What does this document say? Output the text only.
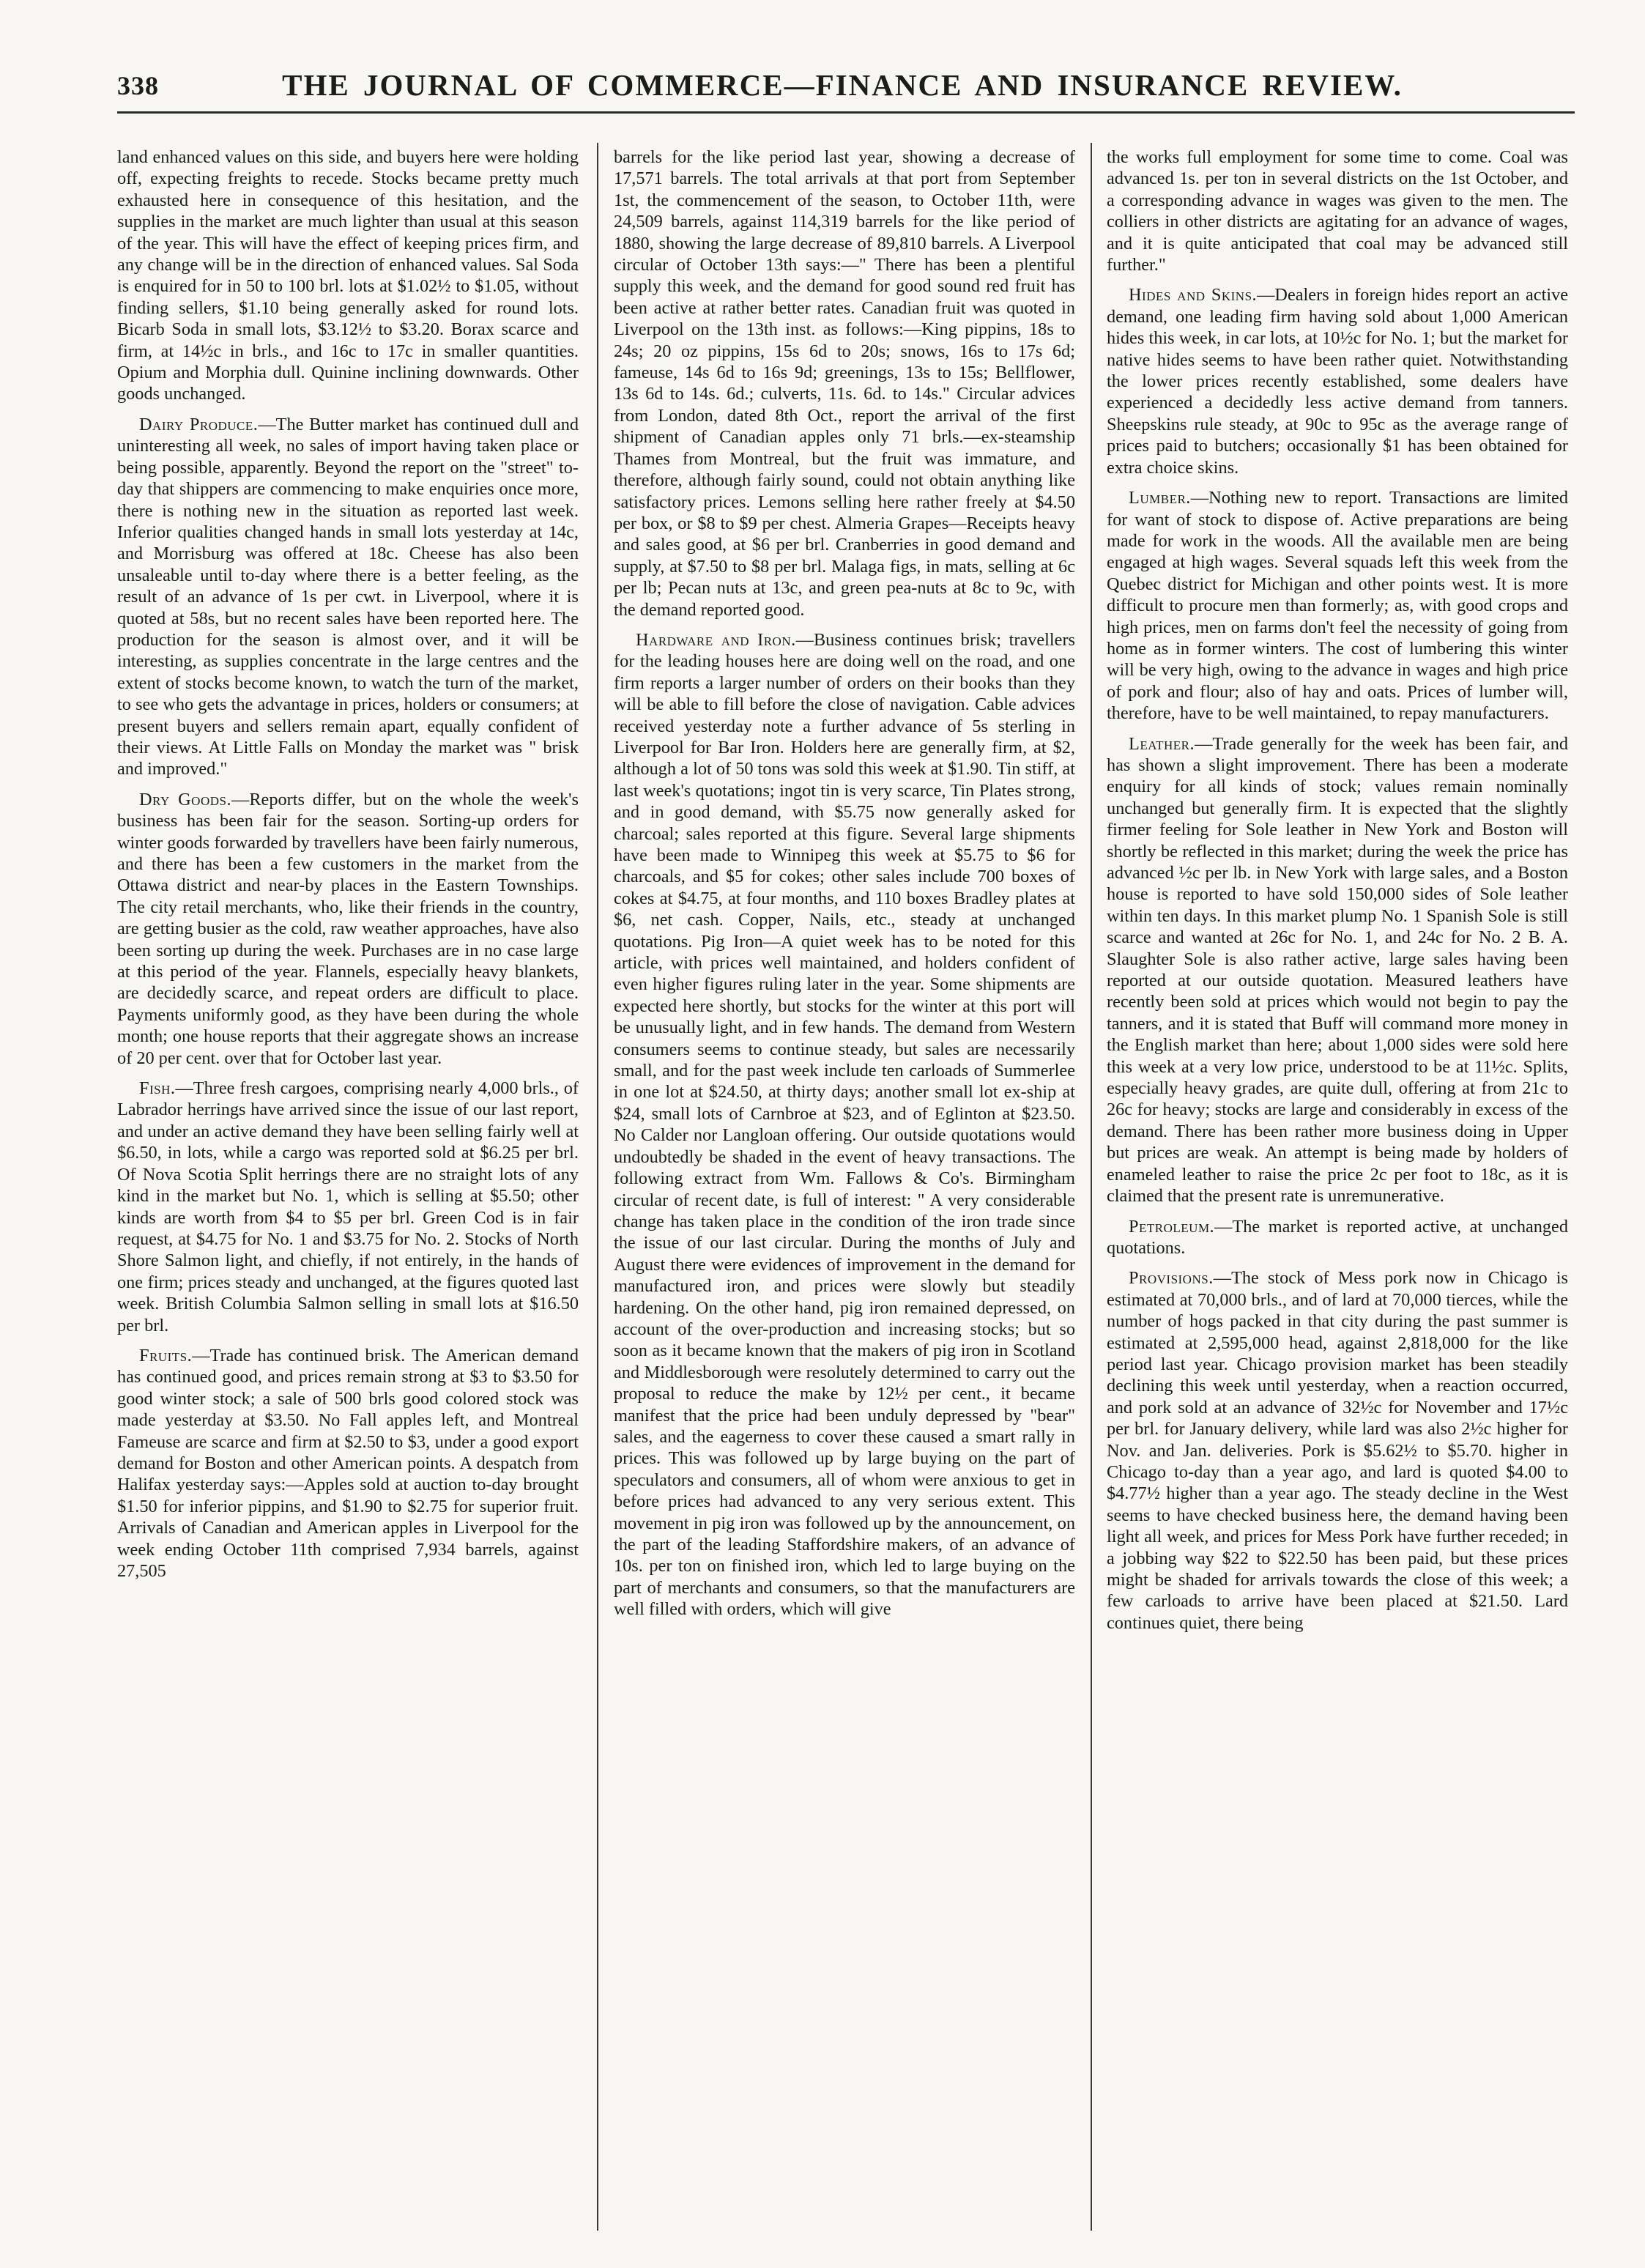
338	THE JOURNAL OF COMMERCE—FINANCE AND INSURANCE REVIEW.

land enhanced values on this side, and buyers here were holding off, expecting freights to recede. Stocks became pretty much exhausted here in consequence of this hesitation, and the supplies in the market are much lighter than usual at this season of the year. This will have the effect of keeping prices firm, and any change will be in the direction of enhanced values. Sal Soda is enquired for in 50 to 100 brl. lots at $1.02½ to $1.05, without finding sellers, $1.10 being generally asked for round lots. Bicarb Soda in small lots, $3.12½ to $3.20. Borax scarce and firm, at 14½c in brls., and 16c to 17c in smaller quantities. Opium and Morphia dull. Quinine inclining downwards. Other goods unchanged.

Dairy Produce.—The Butter market has continued dull and uninteresting all week, no sales of import having taken place or being possible, apparently. Beyond the report on the "street" to-day that shippers are commencing to make enquiries once more, there is nothing new in the situation as reported last week. Inferior qualities changed hands in small lots yesterday at 14c, and Morrisburg was offered at 18c. Cheese has also been unsaleable until to-day where there is a better feeling, as the result of an advance of 1s per cwt. in Liverpool, where it is quoted at 58s, but no recent sales have been reported here. The production for the season is almost over, and it will be interesting, as supplies concentrate in the large centres and the extent of stocks become known, to watch the turn of the market, to see who gets the advantage in prices, holders or consumers; at present buyers and sellers remain apart, equally confident of their views. At Little Falls on Monday the market was " brisk and improved."

Dry Goods.—Reports differ, but on the whole the week's business has been fair for the season. Sorting-up orders for winter goods forwarded by travellers have been fairly numerous, and there has been a few customers in the market from the Ottawa district and near-by places in the Eastern Townships. The city retail merchants, who, like their friends in the country, are getting busier as the cold, raw weather approaches, have also been sorting up during the week. Purchases are in no case large at this period of the year. Flannels, especially heavy blankets, are decidedly scarce, and repeat orders are difficult to place. Payments uniformly good, as they have been during the whole month; one house reports that their aggregate shows an increase of 20 per cent. over that for October last year.

Fish.—Three fresh cargoes, comprising nearly 4,000 brls., of Labrador herrings have arrived since the issue of our last report, and under an active demand they have been selling fairly well at $6.50, in lots, while a cargo was reported sold at $6.25 per brl. Of Nova Scotia Split herrings there are no straight lots of any kind in the market but No. 1, which is selling at $5.50; other kinds are worth from $4 to $5 per brl. Green Cod is in fair request, at $4.75 for No. 1 and $3.75 for No. 2. Stocks of North Shore Salmon light, and chiefly, if not entirely, in the hands of one firm; prices steady and unchanged, at the figures quoted last week. British Columbia Salmon selling in small lots at $16.50 per brl.

Fruits.—Trade has continued brisk. The American demand has continued good, and prices remain strong at $3 to $3.50 for good winter stock; a sale of 500 brls good colored stock was made yesterday at $3.50. No Fall apples left, and Montreal Fameuse are scarce and firm at $2.50 to $3, under a good export demand for Boston and other American points. A despatch from Halifax yesterday says:—Apples sold at auction to-day brought $1.50 for inferior pippins, and $1.90 to $2.75 for superior fruit. Arrivals of Canadian and American apples in Liverpool for the week ending October 11th comprised 7,934 barrels, against 27,505

barrels for the like period last year, showing a decrease of 17,571 barrels. The total arrivals at that port from September 1st, the commencement of the season, to October 11th, were 24,509 barrels, against 114,319 barrels for the like period of 1880, showing the large decrease of 89,810 barrels. A Liverpool circular of October 13th says:—" There has been a plentiful supply this week, and the demand for good sound red fruit has been active at rather better rates. Canadian fruit was quoted in Liverpool on the 13th inst. as follows:—King pippins, 18s to 24s; 20 oz pippins, 15s 6d to 20s; snows, 16s to 17s 6d; fameuse, 14s 6d to 16s 9d; greenings, 13s to 15s; Bellflower, 13s 6d to 14s. 6d.; culverts, 11s. 6d. to 14s." Circular advices from London, dated 8th Oct., report the arrival of the first shipment of Canadian apples only 71 brls.—ex-steamship Thames from Montreal, but the fruit was immature, and therefore, although fairly sound, could not obtain anything like satisfactory prices. Lemons selling here rather freely at $4.50 per box, or $8 to $9 per chest. Almeria Grapes—Receipts heavy and sales good, at $6 per brl. Cranberries in good demand and supply, at $7.50 to $8 per brl. Malaga figs, in mats, selling at 6c per lb; Pecan nuts at 13c, and green pea-nuts at 8c to 9c, with the demand reported good.

Hardware and Iron.—Business continues brisk; travellers for the leading houses here are doing well on the road, and one firm reports a larger number of orders on their books than they will be able to fill before the close of navigation. Cable advices received yesterday note a further advance of 5s sterling in Liverpool for Bar Iron. Holders here are generally firm, at $2, although a lot of 50 tons was sold this week at $1.90. Tin stiff, at last week's quotations; ingot tin is very scarce, Tin Plates strong, and in good demand, with $5.75 now generally asked for charcoal; sales reported at this figure. Several large shipments have been made to Winnipeg this week at $5.75 to $6 for charcoals, and $5 for cokes; other sales include 700 boxes of cokes at $4.75, at four months, and 110 boxes Bradley plates at $6, net cash. Copper, Nails, etc., steady at unchanged quotations. Pig Iron—A quiet week has to be noted for this article, with prices well maintained, and holders confident of even higher figures ruling later in the year. Some shipments are expected here shortly, but stocks for the winter at this port will be unusually light, and in few hands. The demand from Western consumers seems to continue steady, but sales are necessarily small, and for the past week include ten carloads of Summerlee in one lot at $24.50, at thirty days; another small lot ex-ship at $24, small lots of Carnbroe at $23, and of Eglinton at $23.50. No Calder nor Langloan offering. Our outside quotations would undoubtedly be shaded in the event of heavy transactions. The following extract from Wm. Fallows & Co's. Birmingham circular of recent date, is full of interest: " A very considerable change has taken place in the condition of the iron trade since the issue of our last circular. During the months of July and August there were evidences of improvement in the demand for manufactured iron, and prices were slowly but steadily hardening. On the other hand, pig iron remained depressed, on account of the over-production and increasing stocks; but so soon as it became known that the makers of pig iron in Scotland and Middlesborough were resolutely determined to carry out the proposal to reduce the make by 12½ per cent., it became manifest that the price had been unduly depressed by "bear" sales, and the eagerness to cover these caused a smart rally in prices. This was followed up by large buying on the part of speculators and consumers, all of whom were anxious to get in before prices had advanced to any very serious extent. This movement in pig iron was followed up by the announcement, on the part of the leading Staffordshire makers, of an advance of 10s. per ton on finished iron, which led to large buying on the part of merchants and consumers, so that the manufacturers are well filled with orders, which will give

the works full employment for some time to come. Coal was advanced 1s. per ton in several districts on the 1st October, and a corresponding advance in wages was given to the men. The colliers in other districts are agitating for an advance of wages, and it is quite anticipated that coal may be advanced still further."

Hides and Skins.—Dealers in foreign hides report an active demand, one leading firm having sold about 1,000 American hides this week, in car lots, at 10½c for No. 1; but the market for native hides seems to have been rather quiet. Notwithstanding the lower prices recently established, some dealers have experienced a decidedly less active demand from tanners. Sheepskins rule steady, at 90c to 95c as the average range of prices paid to butchers; occasionally $1 has been obtained for extra choice skins.

Lumber.—Nothing new to report. Transactions are limited for want of stock to dispose of. Active preparations are being made for work in the woods. All the available men are being engaged at high wages. Several squads left this week from the Quebec district for Michigan and other points west. It is more difficult to procure men than formerly; as, with good crops and high prices, men on farms don't feel the necessity of going from home as in former winters. The cost of lumbering this winter will be very high, owing to the advance in wages and high price of pork and flour; also of hay and oats. Prices of lumber will, therefore, have to be well maintained, to repay manufacturers.

Leather.—Trade generally for the week has been fair, and has shown a slight improvement. There has been a moderate enquiry for all kinds of stock; values remain nominally unchanged but generally firm. It is expected that the slightly firmer feeling for Sole leather in New York and Boston will shortly be reflected in this market; during the week the price has advanced ½c per lb. in New York with large sales, and a Boston house is reported to have sold 150,000 sides of Sole leather within ten days. In this market plump No. 1 Spanish Sole is still scarce and wanted at 26c for No. 1, and 24c for No. 2 B. A. Slaughter Sole is also rather active, large sales having been reported at our outside quotation. Measured leathers have recently been sold at prices which would not begin to pay the tanners, and it is stated that Buff will command more money in the English market than here; about 1,000 sides were sold here this week at a very low price, understood to be at 11½c. Splits, especially heavy grades, are quite dull, offering at from 21c to 26c for heavy; stocks are large and considerably in excess of the demand. There has been rather more business doing in Upper but prices are weak. An attempt is being made by holders of enameled leather to raise the price 2c per foot to 18c, as it is claimed that the present rate is unremunerative.

Petroleum.—The market is reported active, at unchanged quotations.

Provisions.—The stock of Mess pork now in Chicago is estimated at 70,000 brls., and of lard at 70,000 tierces, while the number of hogs packed in that city during the past summer is estimated at 2,595,000 head, against 2,818,000 for the like period last year. Chicago provision market has been steadily declining this week until yesterday, when a reaction occurred, and pork sold at an advance of 32½c for November and 17½c per brl. for January delivery, while lard was also 2½c higher for Nov. and Jan. deliveries. Pork is $5.62½ to $5.70. higher in Chicago to-day than a year ago, and lard is quoted $4.00 to $4.77½ higher than a year ago. The steady decline in the West seems to have checked business here, the demand having been light all week, and prices for Mess Pork have further receded; in a jobbing way $22 to $22.50 has been paid, but these prices might be shaded for arrivals towards the close of this week; a few carloads to arrive have been placed at $21.50. Lard continues quiet, there being
